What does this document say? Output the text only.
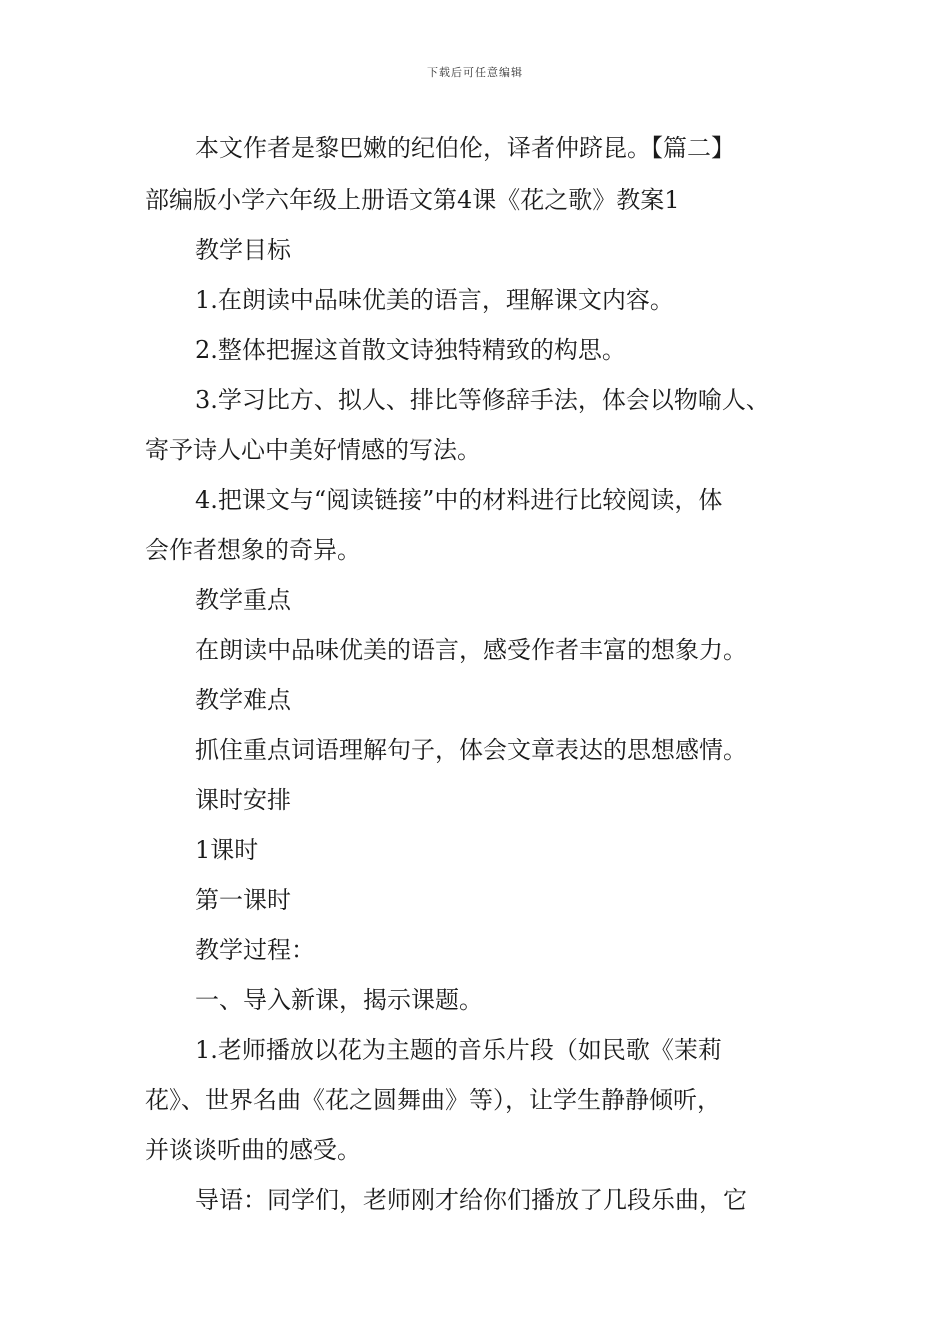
下载后可任意编辑
本文作者是黎巴嫩的纪伯伦，译者仲跻昆。【篇二】
部编版小学六年级上册语文第4课《花之歌》教案1
教学目标
1.在朗读中品味优美的语言，理解课文内容。
2.整体把握这首散文诗独特精致的构思。
3.学习比方、拟人、排比等修辞手法，体会以物喻人、
寄予诗人心中美好情感的写法。
4.把课文与“阅读链接”中的材料进行比较阅读，体
会作者想象的奇异。
教学重点
在朗读中品味优美的语言，感受作者丰富的想象力。
教学难点
抓住重点词语理解句子，体会文章表达的思想感情。
课时安排
1课时
第一课时
教学过程：
一、导入新课，揭示课题。
1.老师播放以花为主题的音乐片段（如民歌《茉莉
花》、世界名曲《花之圆舞曲》等），让学生静静倾听，
并谈谈听曲的感受。
导语：同学们，老师刚才给你们播放了几段乐曲，它
